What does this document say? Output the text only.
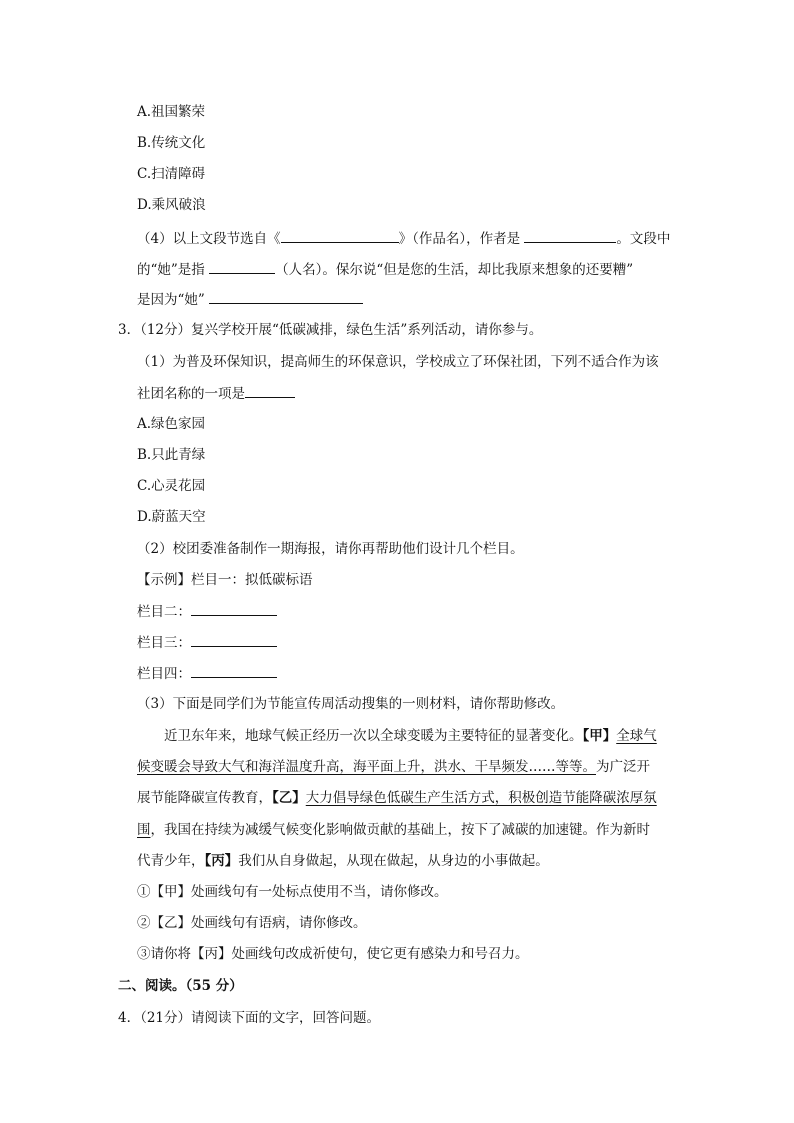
A.祖国繁荣
B.传统文化
C.扫清障碍
D.乘风破浪
（4）以上文段节选自《	》（作品名），作者是	。文段中
的“她”是指	（人名）。保尔说“但是您的生活，却比我原来想象的还要糟”
是因为“她”
3．（12分）复兴学校开展“低碳减排，绿色生活”系列活动，请你参与。
（1）为普及环保知识，提高师生的环保意识，学校成立了环保社团，下列不适合作为该
社团名称的一项是
A.绿色家园
B.只此青绿
C.心灵花园
D.蔚蓝天空
（2）校团委准备制作一期海报，请你再帮助他们设计几个栏目。
【示例】栏目一：拟低碳标语
栏目二：
栏目三：
栏目四：
（3）下面是同学们为节能宣传周活动搜集的一则材料，请你帮助修改。
近卫东年来，地球气候正经历一次以全球变暖为主要特征的显著变化。【甲】全球气
候变暖会导致大气和海洋温度升高，海平面上升，洪水、干旱频发……等等。为广泛开
展节能降碳宣传教育，【乙】大力倡导绿色低碳生产生活方式，积极创造节能降碳浓厚氛
围，我国在持续为减缓气候变化影响做贡献的基础上，按下了减碳的加速键。作为新时
代青少年，【丙】我们从自身做起，从现在做起，从身边的小事做起。
①【甲】处画线句有一处标点使用不当，请你修改。
②【乙】处画线句有语病，请你修改。
③请你将【丙】处画线句改成祈使句，使它更有感染力和号召力。
二、阅读。（55 分）
4．（21分）请阅读下面的文字，回答问题。
